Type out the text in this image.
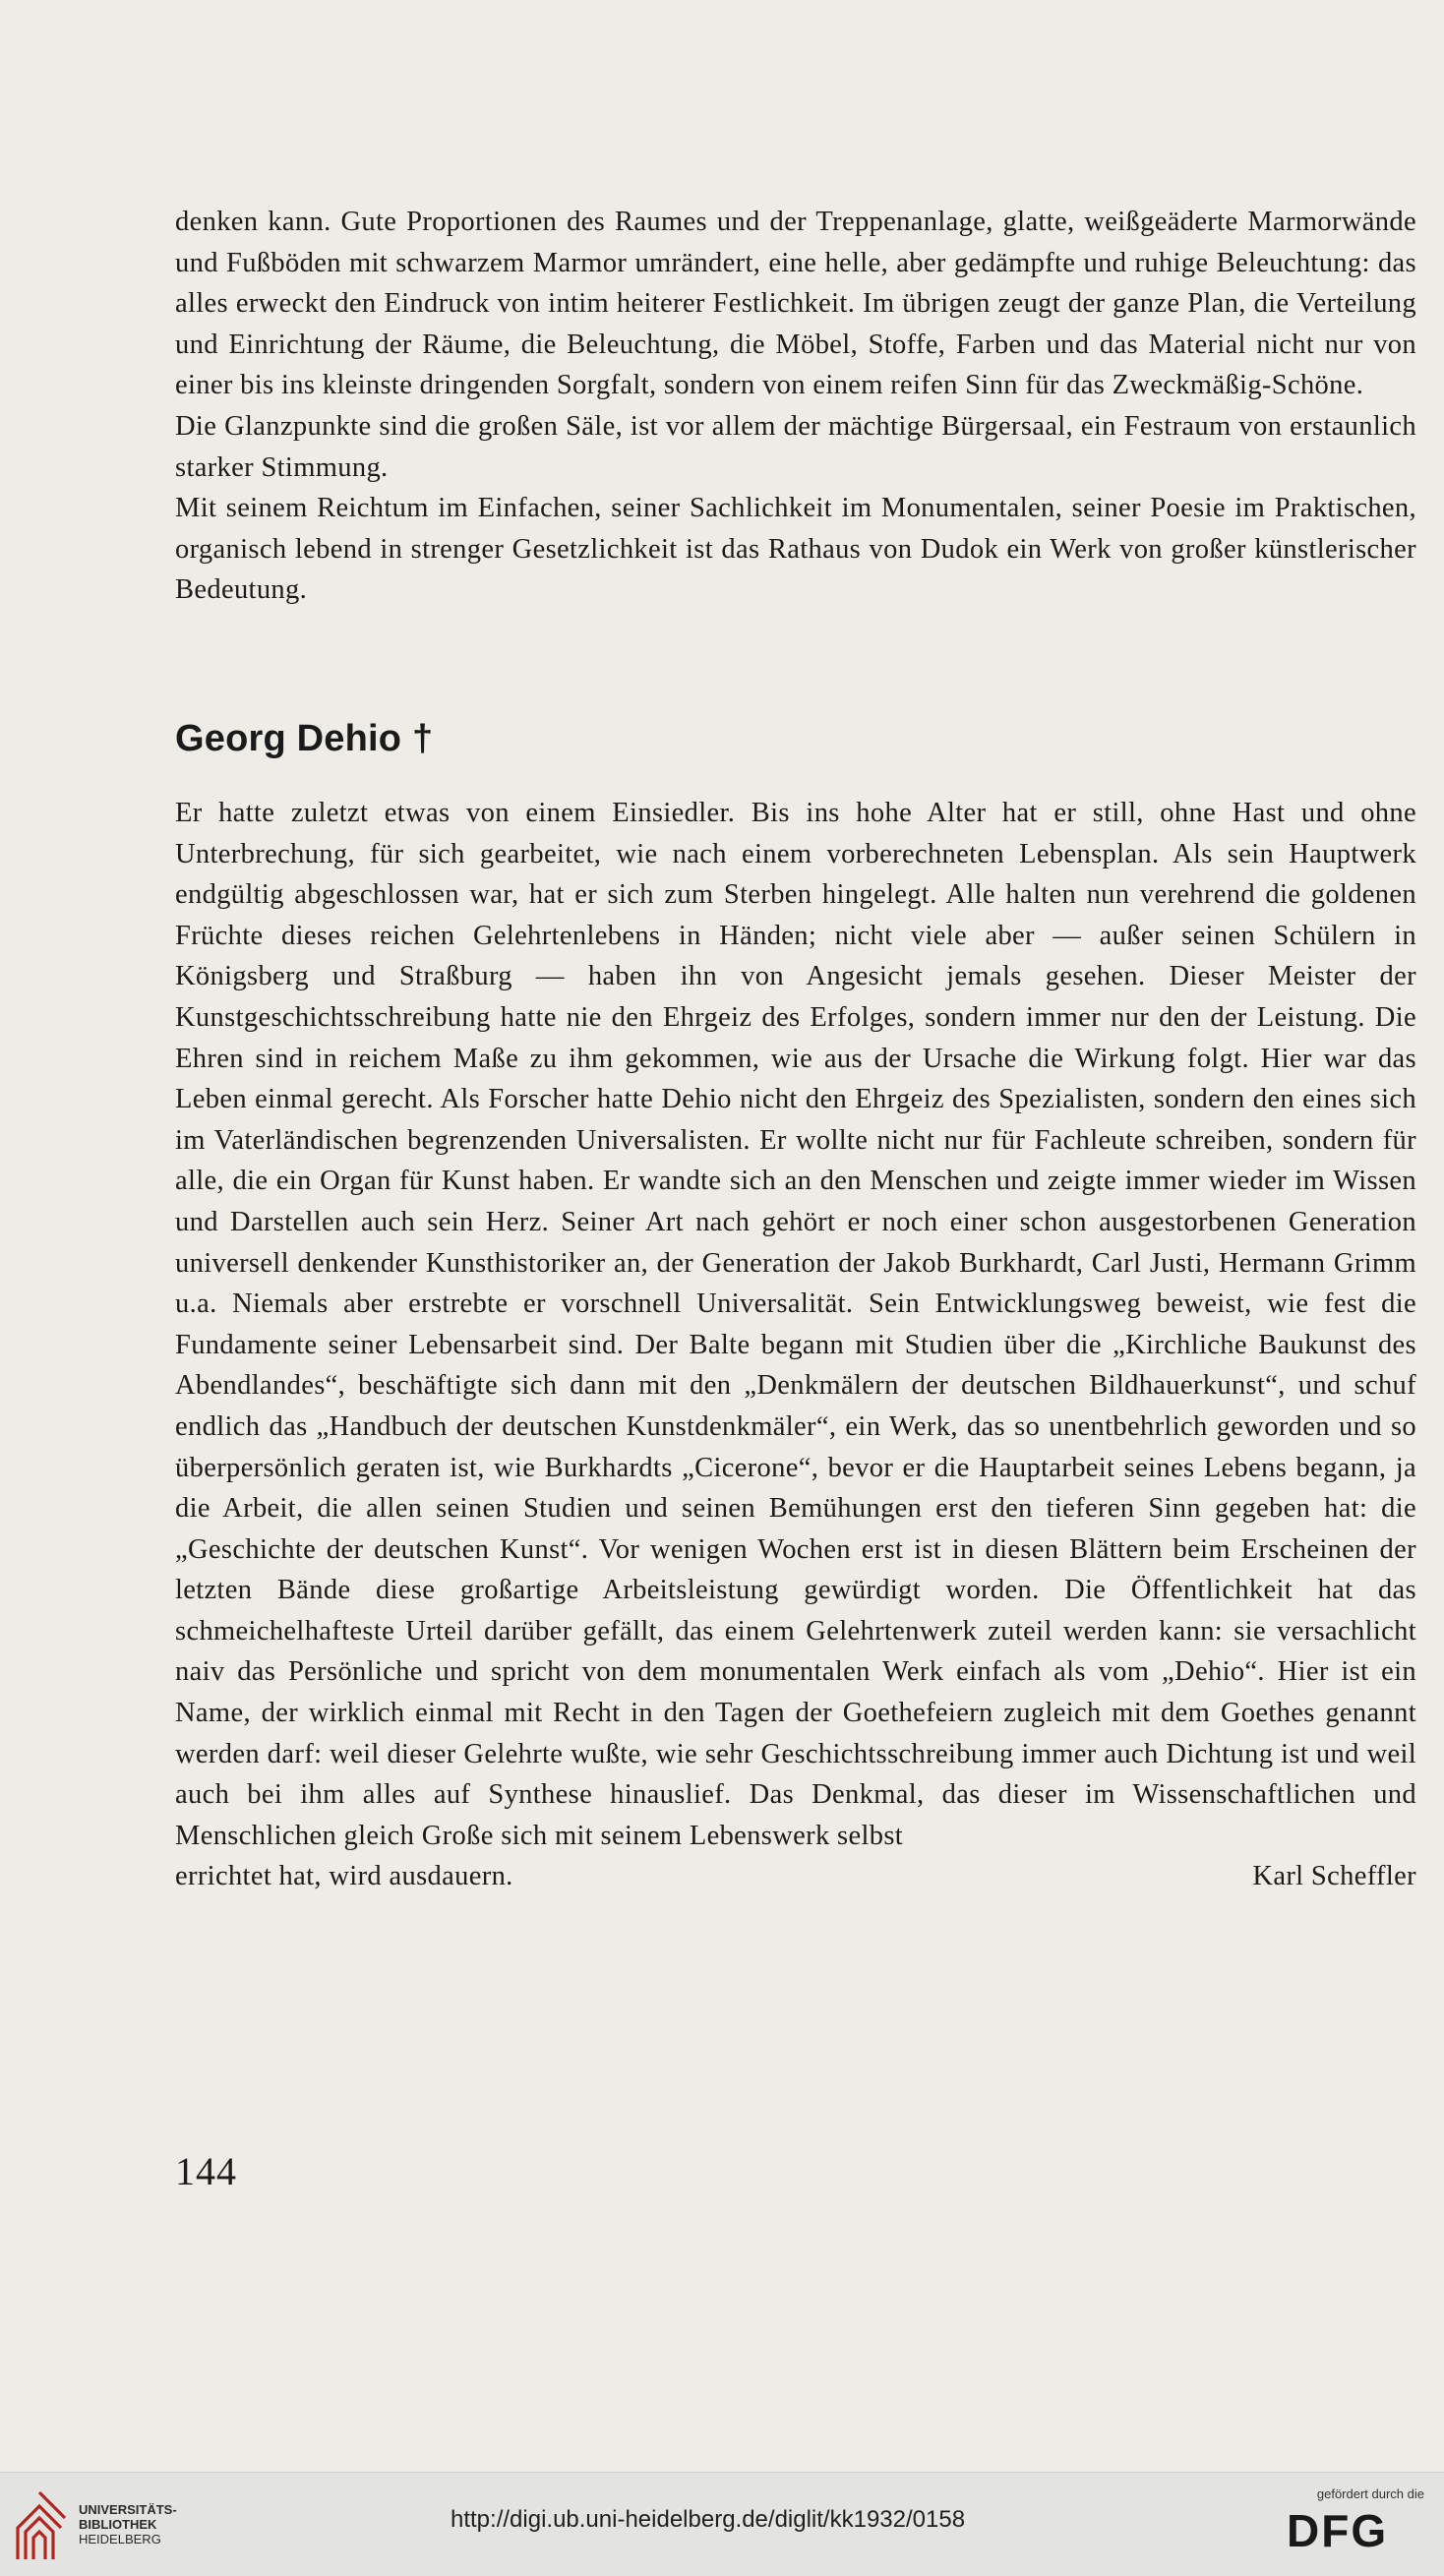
denken kann. Gute Proportionen des Raumes und der Treppenanlage, glatte, weißgeäderte Marmorwände und Fußböden mit schwarzem Marmor umrändert, eine helle, aber gedämpfte und ruhige Beleuchtung: das alles erweckt den Eindruck von intim heiterer Festlichkeit. Im übrigen zeugt der ganze Plan, die Verteilung und Einrichtung der Räume, die Beleuchtung, die Möbel, Stoffe, Farben und das Material nicht nur von einer bis ins kleinste dringenden Sorgfalt, sondern von einem reifen Sinn für das Zweckmäßig-Schöne.

Die Glanzpunkte sind die großen Säle, ist vor allem der mächtige Bürgersaal, ein Festraum von erstaunlich starker Stimmung.

Mit seinem Reichtum im Einfachen, seiner Sachlichkeit im Monumentalen, seiner Poesie im Praktischen, organisch lebend in strenger Gesetzlichkeit ist das Rathaus von Dudok ein Werk von großer künstlerischer Bedeutung.

Georg Dehio †

Er hatte zuletzt etwas von einem Einsiedler. Bis ins hohe Alter hat er still, ohne Hast und ohne Unterbrechung, für sich gearbeitet, wie nach einem vorberechneten Lebensplan. Als sein Hauptwerk endgültig abgeschlossen war, hat er sich zum Sterben hingelegt. Alle halten nun verehrend die goldenen Früchte dieses reichen Gelehrtenlebens in Händen; nicht viele aber — außer seinen Schülern in Königsberg und Straßburg — haben ihn von Angesicht jemals gesehen. Dieser Meister der Kunstgeschichtsschreibung hatte nie den Ehrgeiz des Erfolges, sondern immer nur den der Leistung. Die Ehren sind in reichem Maße zu ihm gekommen, wie aus der Ursache die Wirkung folgt. Hier war das Leben einmal gerecht. Als Forscher hatte Dehio nicht den Ehrgeiz des Spezialisten, sondern den eines sich im Vaterländischen begrenzenden Universalisten. Er wollte nicht nur für Fachleute schreiben, sondern für alle, die ein Organ für Kunst haben. Er wandte sich an den Menschen und zeigte immer wieder im Wissen und Darstellen auch sein Herz. Seiner Art nach gehört er noch einer schon ausgestorbenen Generation universell denkender Kunsthistoriker an, der Generation der Jakob Burkhardt, Carl Justi, Hermann Grimm u.a. Niemals aber erstrebte er vorschnell Universalität. Sein Entwicklungsweg beweist, wie fest die Fundamente seiner Lebensarbeit sind. Der Balte begann mit Studien über die „Kirchliche Baukunst des Abendlandes“, beschäftigte sich dann mit den „Denkmälern der deutschen Bildhauerkunst“, und schuf endlich das „Handbuch der deutschen Kunstdenkmäler“, ein Werk, das so unentbehrlich geworden und so überpersönlich geraten ist, wie Burkhardts „Cicerone“, bevor er die Hauptarbeit seines Lebens begann, ja die Arbeit, die allen seinen Studien und seinen Bemühungen erst den tieferen Sinn gegeben hat: die „Geschichte der deutschen Kunst“. Vor wenigen Wochen erst ist in diesen Blättern beim Erscheinen der letzten Bände diese großartige Arbeitsleistung gewürdigt worden. Die Öffentlichkeit hat das schmeichelhafteste Urteil darüber gefällt, das einem Gelehrtenwerk zuteil werden kann: sie versachlicht naiv das Persönliche und spricht von dem monumentalen Werk einfach als vom „Dehio“. Hier ist ein Name, der wirklich einmal mit Recht in den Tagen der Goethefeiern zugleich mit dem Goethes genannt werden darf: weil dieser Gelehrte wußte, wie sehr Geschichtsschreibung immer auch Dichtung ist und weil auch bei ihm alles auf Synthese hinauslief. Das Denkmal, das dieser im Wissenschaftlichen und Menschlichen gleich Große sich mit seinem Lebenswerk selbst

errichtet hat, wird ausdauern.	Karl Scheffler
144
UNIVERSITÄTS-
BIBLIOTHEK
HEIDELBERG
http://digi.ub.uni-heidelberg.de/diglit/kk1932/0158
gefördert durch die
DFG
